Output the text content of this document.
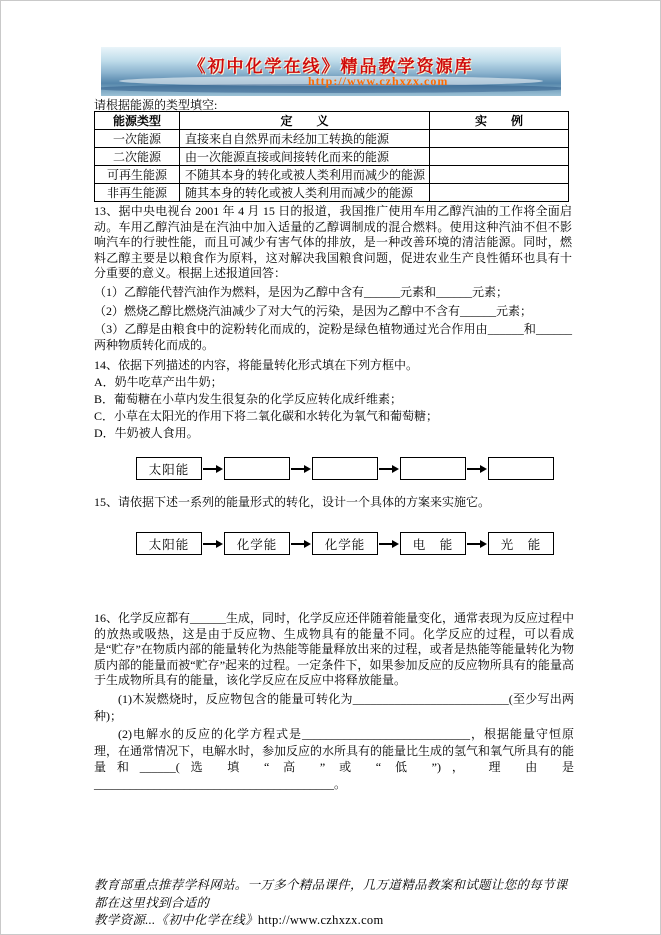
《初中化学在线》精品教学资源库
http://www.czhxzx.com
请根据能源的类型填空:
能源类型	定　　义	实　　例
一次能源	直接来自自然界而未经加工转换的能源	
二次能源	由一次能源直接或间接转化而来的能源	
可再生能源	不随其本身的转化或被人类利用而减少的能源	
非再生能源	随其本身的转化或被人类利用而减少的能源	
13、据中央电视台 2001 年 4 月 15 日的报道，我国推广使用车用乙醇汽油的工作将全面启动。车用乙醇汽油是在汽油中加入适量的乙醇调制成的混合燃料。使用这种汽油不但不影响汽车的行驶性能，而且可减少有害气体的排放，是一种改善环境的清洁能源。同时，燃料乙醇主要是以粮食作为原料，这对解决我国粮食问题，促进农业生产良性循环也具有十分重要的意义。根据上述报道回答：
（1）乙醇能代替汽油作为燃料，是因为乙醇中含有______元素和______元素；
（2）燃烧乙醇比燃烧汽油减少了对大气的污染，是因为乙醇中不含有______元素；
（3）乙醇是由粮食中的淀粉转化而成的，淀粉是绿色植物通过光合作用由______和______两种物质转化而成的。
14、依据下列描述的内容，将能量转化形式填在下列方框中。
A．奶牛吃草产出牛奶；
B．葡萄糖在小草内发生很复杂的化学反应转化成纤维素；
C．小草在太阳光的作用下将二氧化碳和水转化为氧气和葡萄糖；
D．牛奶被人食用。
太阳能
15、请依据下述一系列的能量形式的转化，设计一个具体的方案来实施它。
太阳能	化学能	化学能	电　能	光　能
16、化学反应都有______生成，同时，化学反应还伴随着能量变化，通常表现为反应过程中的放热或吸热，这是由于反应物、生成物具有的能量不同。化学反应的过程，可以看成是“贮存”在物质内部的能量转化为热能等能量释放出来的过程，或者是热能等能量转化为物质内部的能量而被“贮存”起来的过程。一定条件下，如果参加反应的反应物所具有的能量高于生成物所具有的能量，该化学反应在反应中将释放能量。
(1)木炭燃烧时，反应物包含的能量可转化为__________________________(至少写出两种)；
(2)电解水的反应的化学方程式是____________________________，根据能量守恒原理，在通常情况下，电解水时，参加反应的水所具有的能量比生成的氢气和氧气所具有的能量和______(选 填 “ 高 ” 或 “ 低 ”)， 理 由 是________________________________________。
教育部重点推荐学科网站。一万多个精品课件，几万道精品教案和试题让您的每节课都在这里找到合适的
教学资源...《初中化学在线》http://www.czhxzx.com
